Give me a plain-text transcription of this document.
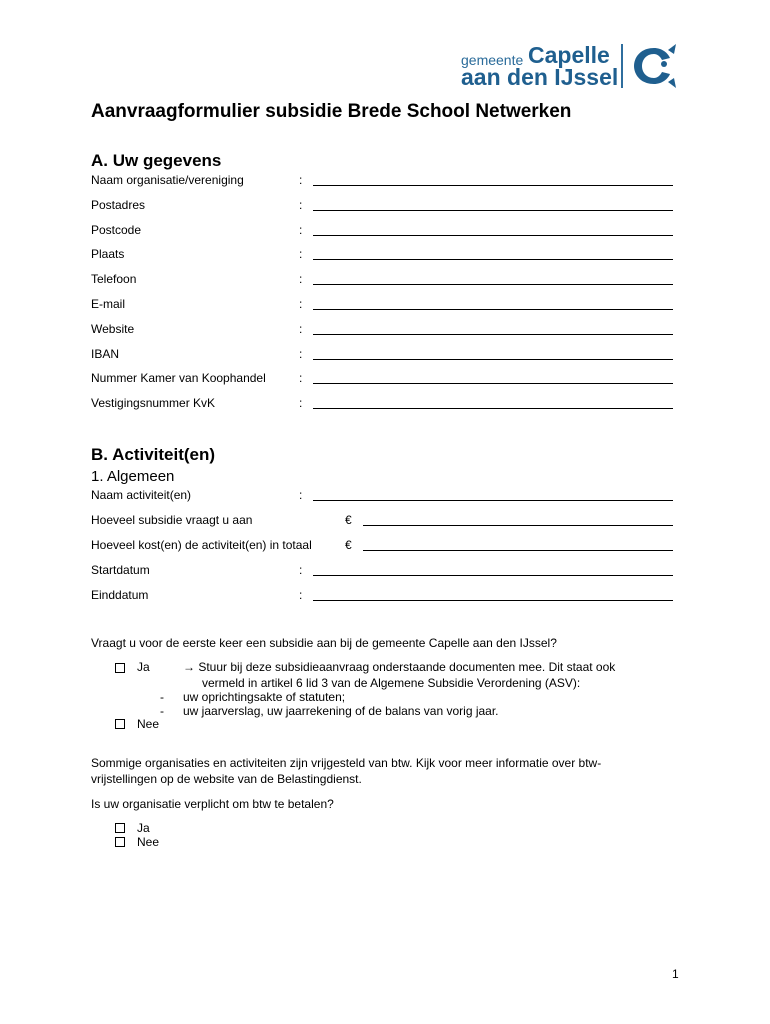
gemeente Capelle
aan den IJssel
Aanvraagformulier subsidie Brede School Netwerken
A. Uw gegevens
Naam organisatie/vereniging	:
Postadres	:
Postcode	:
Plaats	:
Telefoon	:
E-mail	:
Website	:
IBAN	:
Nummer Kamer van Koophandel	:
Vestigingsnummer KvK	:
B. Activiteit(en)
1. Algemeen
Naam activiteit(en)	:
Hoeveel subsidie vraagt u aan	€
Hoeveel kost(en) de activiteit(en) in totaal	€
Startdatum	:
Einddatum	:
Vraagt u voor de eerste keer een subsidie aan bij de gemeente Capelle aan den IJssel?
Ja	→ Stuur bij deze subsidieaanvraag onderstaande documenten mee. Dit staat ook
vermeld in artikel 6 lid 3 van de Algemene Subsidie Verordening (ASV):
- uw oprichtingsakte of statuten;
- uw jaarverslag, uw jaarrekening of de balans van vorig jaar.
Nee
Sommige organisaties en activiteiten zijn vrijgesteld van btw. Kijk voor meer informatie over btw-
vrijstellingen op de website van de Belastingdienst.
Is uw organisatie verplicht om btw te betalen?
Ja
Nee
1
